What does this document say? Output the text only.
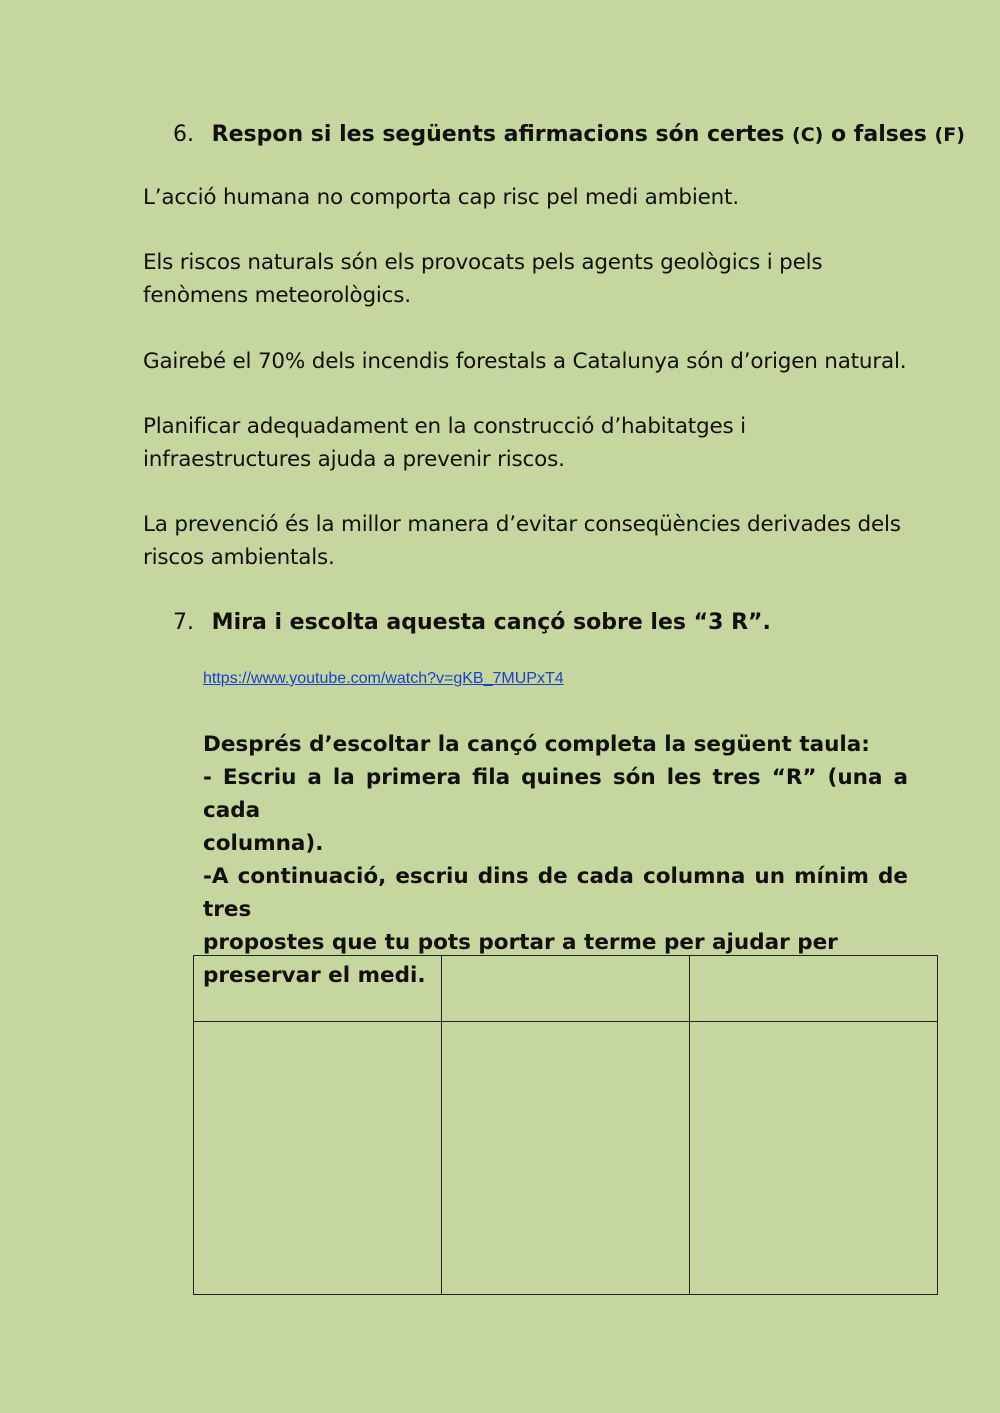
6. Respon si les següents afirmacions són certes (C) o falses (F)
L’acció humana no comporta cap risc pel medi ambient.
Els riscos naturals són els provocats pels agents geològics i pels
fenòmens meteorològics.
Gairebé el 70% dels incendis forestals a Catalunya són d’origen natural.
Planificar adequadament en la construcció d’habitatges i
infraestructures ajuda a prevenir riscos.
La prevenció és la millor manera d’evitar conseqüències derivades dels
riscos ambientals.
7. Mira i escolta aquesta cançó sobre les “3 R”.
https://www.youtube.com/watch?v=gKB_7MUPxT4
Després d’escoltar la cançó completa la següent taula:
- Escriu a la primera fila quines són les tres “R” (una a cada
columna).
-A continuació, escriu dins de cada columna un mínim de tres
propostes que tu pots portar a terme per ajudar per
preservar el medi.
